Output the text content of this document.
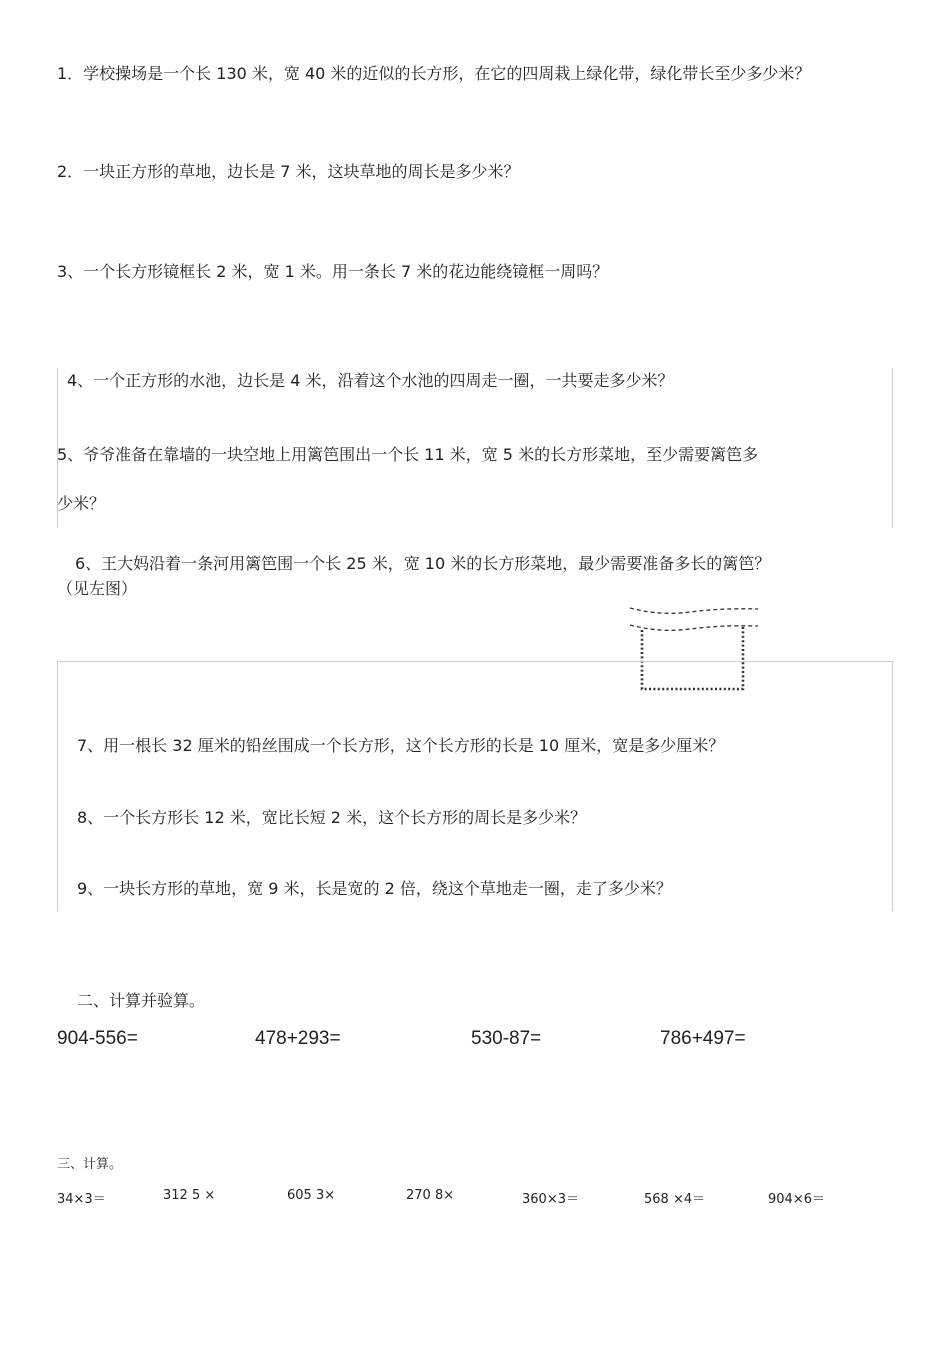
1．学校操场是一个长 130 米，宽 40 米的近似的长方形，在它的四周栽上绿化带，绿化带长至少多少米？
2．一块正方形的草地，边长是 7 米，这块草地的周长是多少米？
3、一个长方形镜框长 2 米，宽 1 米。用一条长 7 米的花边能绕镜框一周吗？
4、一个正方形的水池，边长是 4 米，沿着这个水池的四周走一圈，一共要走多少米？
5、爷爷准备在靠墙的一块空地上用篱笆围出一个长 11 米，宽 5 米的长方形菜地，至少需要篱笆多
少米？
6、王大妈沿着一条河用篱笆围一个长 25 米，宽 10 米的长方形菜地，最少需要准备多长的篱笆？
（见左图）
7、用一根长 32 厘米的铅丝围成一个长方形，这个长方形的长是 10 厘米，宽是多少厘米？
8、一个长方形长 12 米，宽比长短 2 米，这个长方形的周长是多少米？
9、一块长方形的草地，宽 9 米，长是宽的 2 倍，绕这个草地走一圈，走了多少米？
二、计算并验算。
904-556=	478+293=	530-87=	786+497=
三、计算。
34×3＝	312 5 ×	605 3×	270 8×	360×3＝	568 ×4＝	904×6＝
